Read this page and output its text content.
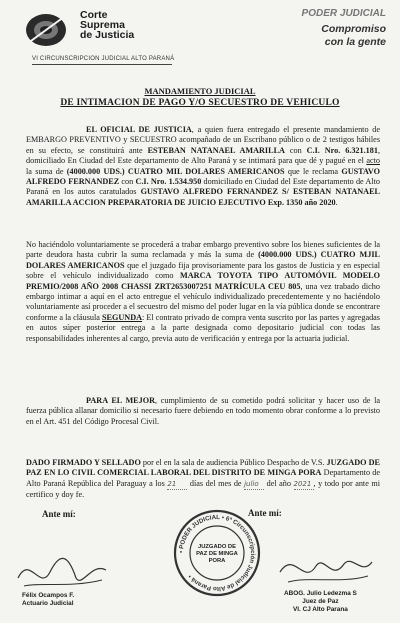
Corte
Suprema
de Justicia
VI CIRCUNSCRIPCION JUDICIAL ALTO PARANÁ
PODER JUDICIAL
Compromiso
con la gente
MANDAMIENTO JUDICIAL
DE INTIMACION DE PAGO Y/O SECUESTRO DE VEHICULO
EL OFICIAL DE JUSTICIA, a quien fuera entregado el presente mandamiento de EMBARGO PREVENTIVO y SECUESTRO acompañado de un Escribano público o de 2 testigos hábiles en su efecto, se constituirá ante ESTEBAN NATANAEL AMARILLA con C.I. Nro. 6.321.181, domiciliado En Ciudad del Este departamento de Alto Paraná y se intimará para que dé y pagué en el acto la suma de (4000.000 UDS.) CUATRO MIL DOLARES AMERICANOS que le reclama GUSTAVO ALFREDO FERNANDEZ con C.I. Nro. 1.534.950 domiciliado en Ciudad del Este departamento de Alto Paraná en los autos caratulados GUSTAVO ALFREDO FERNANDEZ S/ ESTEBAN NATANAEL AMARILLA ACCION PREPARATORIA DE JUICIO EJECUTIVO Exp. 1350 año 2020.
No haciéndolo voluntariamente se procederá a trabar embargo preventivo sobre los bienes suficientes de la parte deudora hasta cubrir la suma reclamada y más la suma de (4000.000 UDS.) CUATRO MJIL DOLARES AMERICANOS que el juzgado fija provisoriamente para los gastos de Justicia y en especial sobre el vehículo individualizado como MARCA TOYOTA TIPO AUTOMÓVIL MODELO PREMIO/2008 AÑO 2008 CHASSI ZRT2653007251 MATRÍCULA CEU 805, una vez trabado dicho embargo intimar a aquí en el acto entregue el vehículo individualizado precedentemente y no haciéndolo voluntariamente así proceder a el secuestro del mismo del poder lugar en la vía pública donde se encontrare conforme a la cláusula SEGUNDA: El contrato privado de compra venta suscrito por las partes y agregadas en autos súper posterior entrega a la parte designada como depositario judicial con todas las responsabilidades inherentes al cargo, previa auto de verificación y entrega por la actuaria judicial.
PARA EL MEJOR, cumplimiento de su cometido podrá solicitar y hacer uso de la fuerza pública allanar domicilio si necesario fuere debiendo en todo momento obrar conforme a lo previsto en el Art. 451 del Código Procesal Civil.
DADO FIRMADO Y SELLADO por el en la sala de audiencia Público Despacho de V.S. JUZGADO DE PAZ EN LO CIVIL COMERCIAL LABORAL DEL DISTRITO DE MINGA PORA Departamento de Alto Paraná República del Paraguay a los 21 días del mes de julio del año 2021 , y todo por ante mi certifico y doy fe.
Ante mí:	Ante mí:
• PODER JUDICIAL • 6ª Circunscripción Judicial de Alto Paraná •
JUZGADO DE
PAZ DE MINGA
PORA
Félix Ocampos F.
Actuario Judicial
ABOG. Julio Ledezma S
Juez de Paz
VI. CJ Alto Parana
